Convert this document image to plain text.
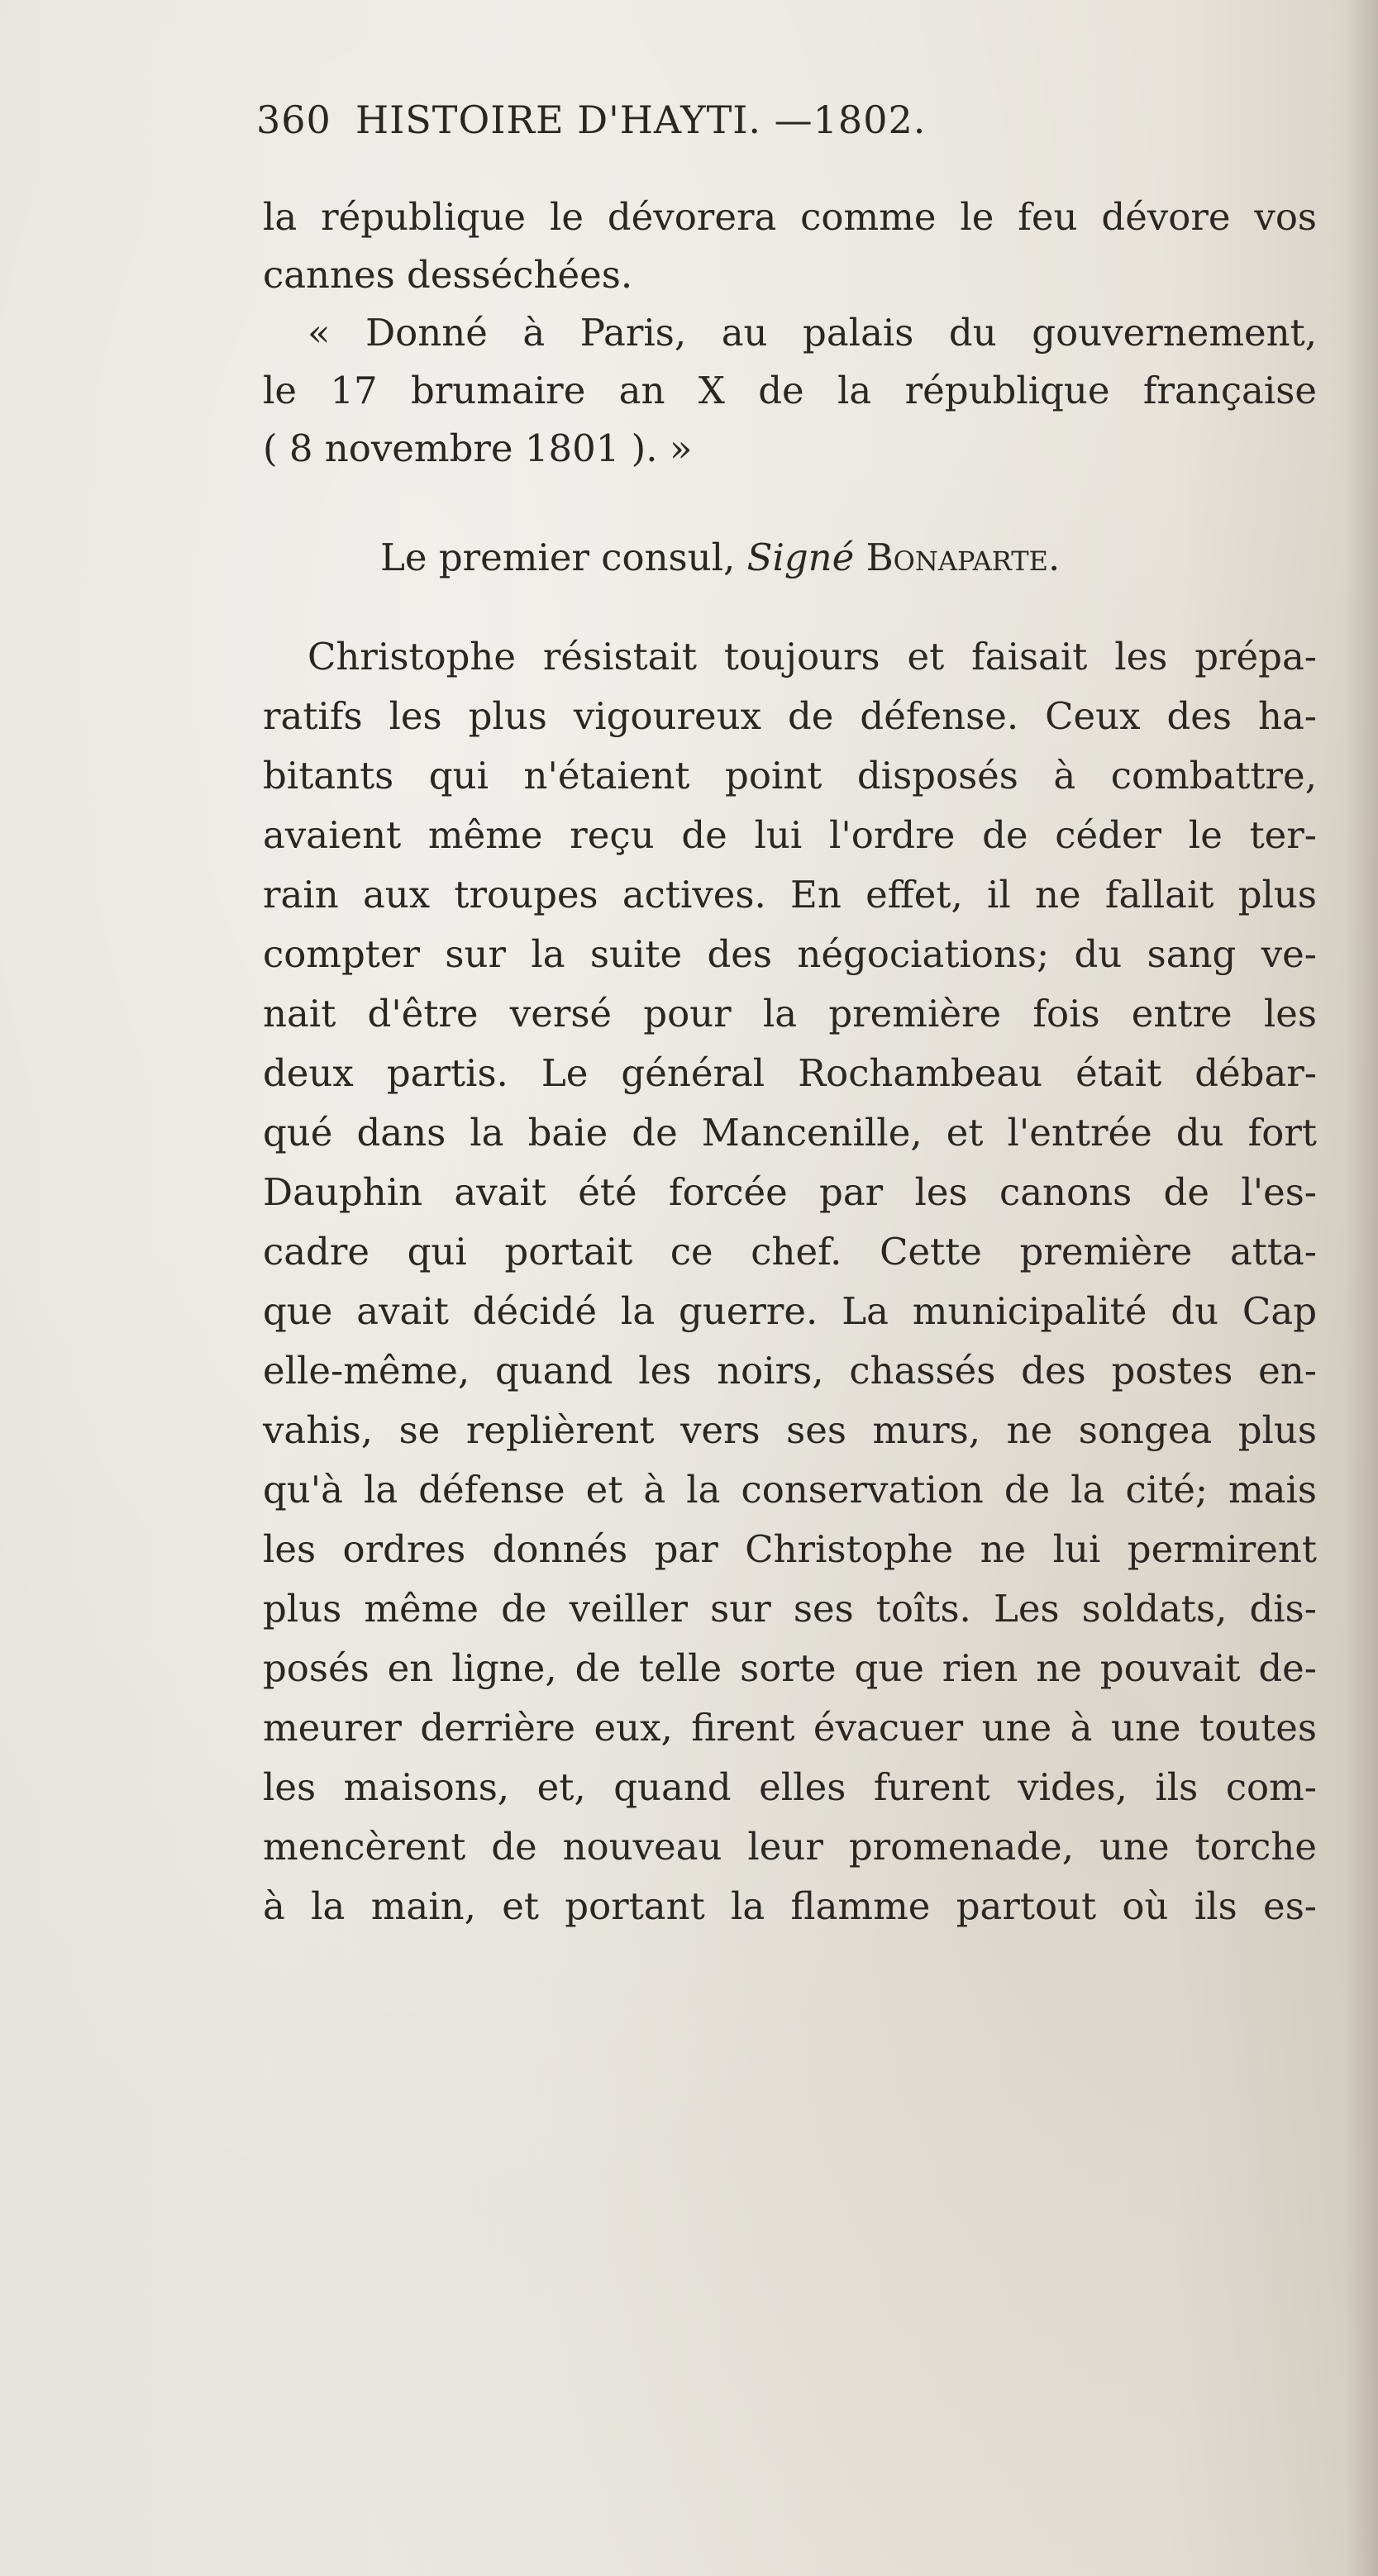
360 HISTOIRE D'HAYTI. —1802.
la république le dévorera comme le feu dévore vos
cannes desséchées.
« Donné à Paris, au palais du gouvernement,
le 17 brumaire an X de la république française
( 8 novembre 1801 ). »
Le premier consul, Signé Bonaparte.
Christophe résistait toujours et faisait les prépa-
ratifs les plus vigoureux de défense. Ceux des ha-
bitants qui n'étaient point disposés à combattre,
avaient même reçu de lui l'ordre de céder le ter-
rain aux troupes actives. En effet, il ne fallait plus
compter sur la suite des négociations; du sang ve-
nait d'être versé pour la première fois entre les
deux partis. Le général Rochambeau était débar-
qué dans la baie de Mancenille, et l'entrée du fort
Dauphin avait été forcée par les canons de l'es-
cadre qui portait ce chef. Cette première atta-
que avait décidé la guerre. La municipalité du Cap
elle-même, quand les noirs, chassés des postes en-
vahis, se replièrent vers ses murs, ne songea plus
qu'à la défense et à la conservation de la cité; mais
les ordres donnés par Christophe ne lui permirent
plus même de veiller sur ses toîts. Les soldats, dis-
posés en ligne, de telle sorte que rien ne pouvait de-
meurer derrière eux, firent évacuer une à une toutes
les maisons, et, quand elles furent vides, ils com-
mencèrent de nouveau leur promenade, une torche
à la main, et portant la flamme partout où ils es-
